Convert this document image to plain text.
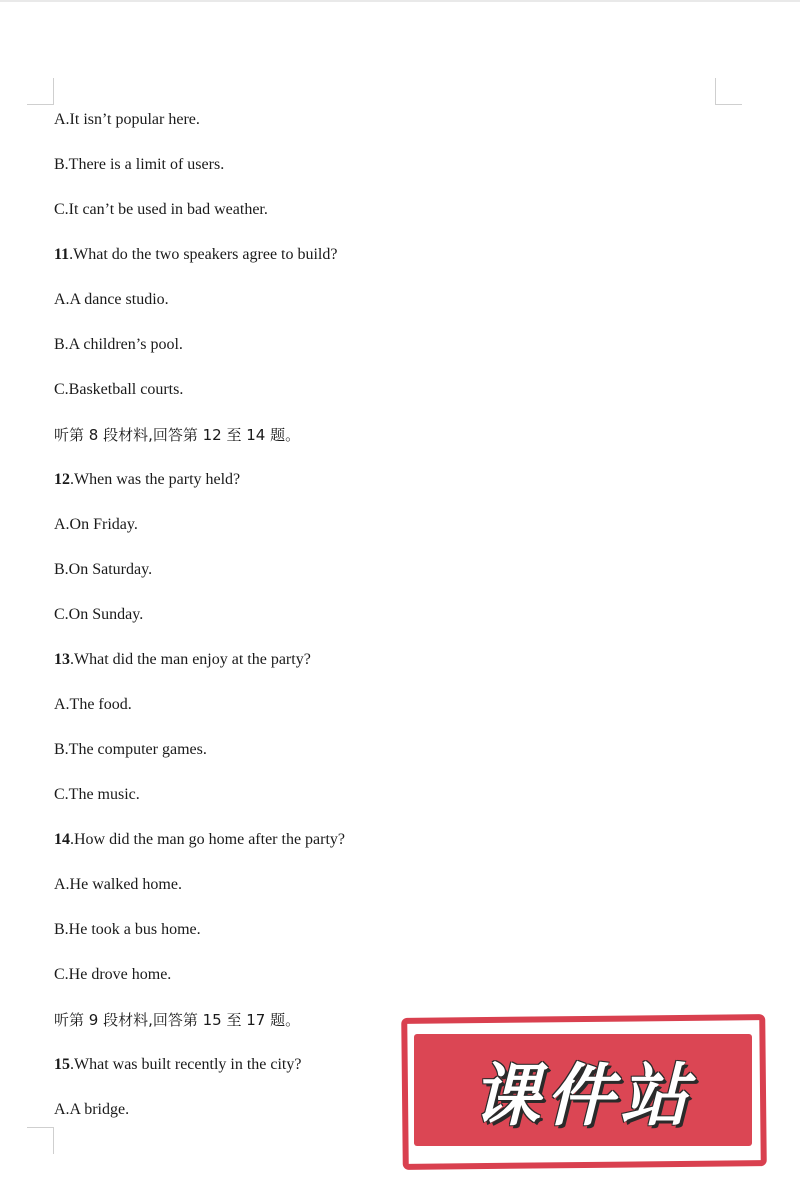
A.It isn’t popular here.
B.There is a limit of users.
C.It can’t be used in bad weather.
11.What do the two speakers agree to build?
A.A dance studio.
B.A children’s pool.
C.Basketball courts.
听第 8 段材料,回答第 12 至 14 题。
12.When was the party held?
A.On Friday.
B.On Saturday.
C.On Sunday.
13.What did the man enjoy at the party?
A.The food.
B.The computer games.
C.The music.
14.How did the man go home after the party?
A.He walked home.
B.He took a bus home.
C.He drove home.
听第 9 段材料,回答第 15 至 17 题。
15.What was built recently in the city?
A.A bridge.	课件站
